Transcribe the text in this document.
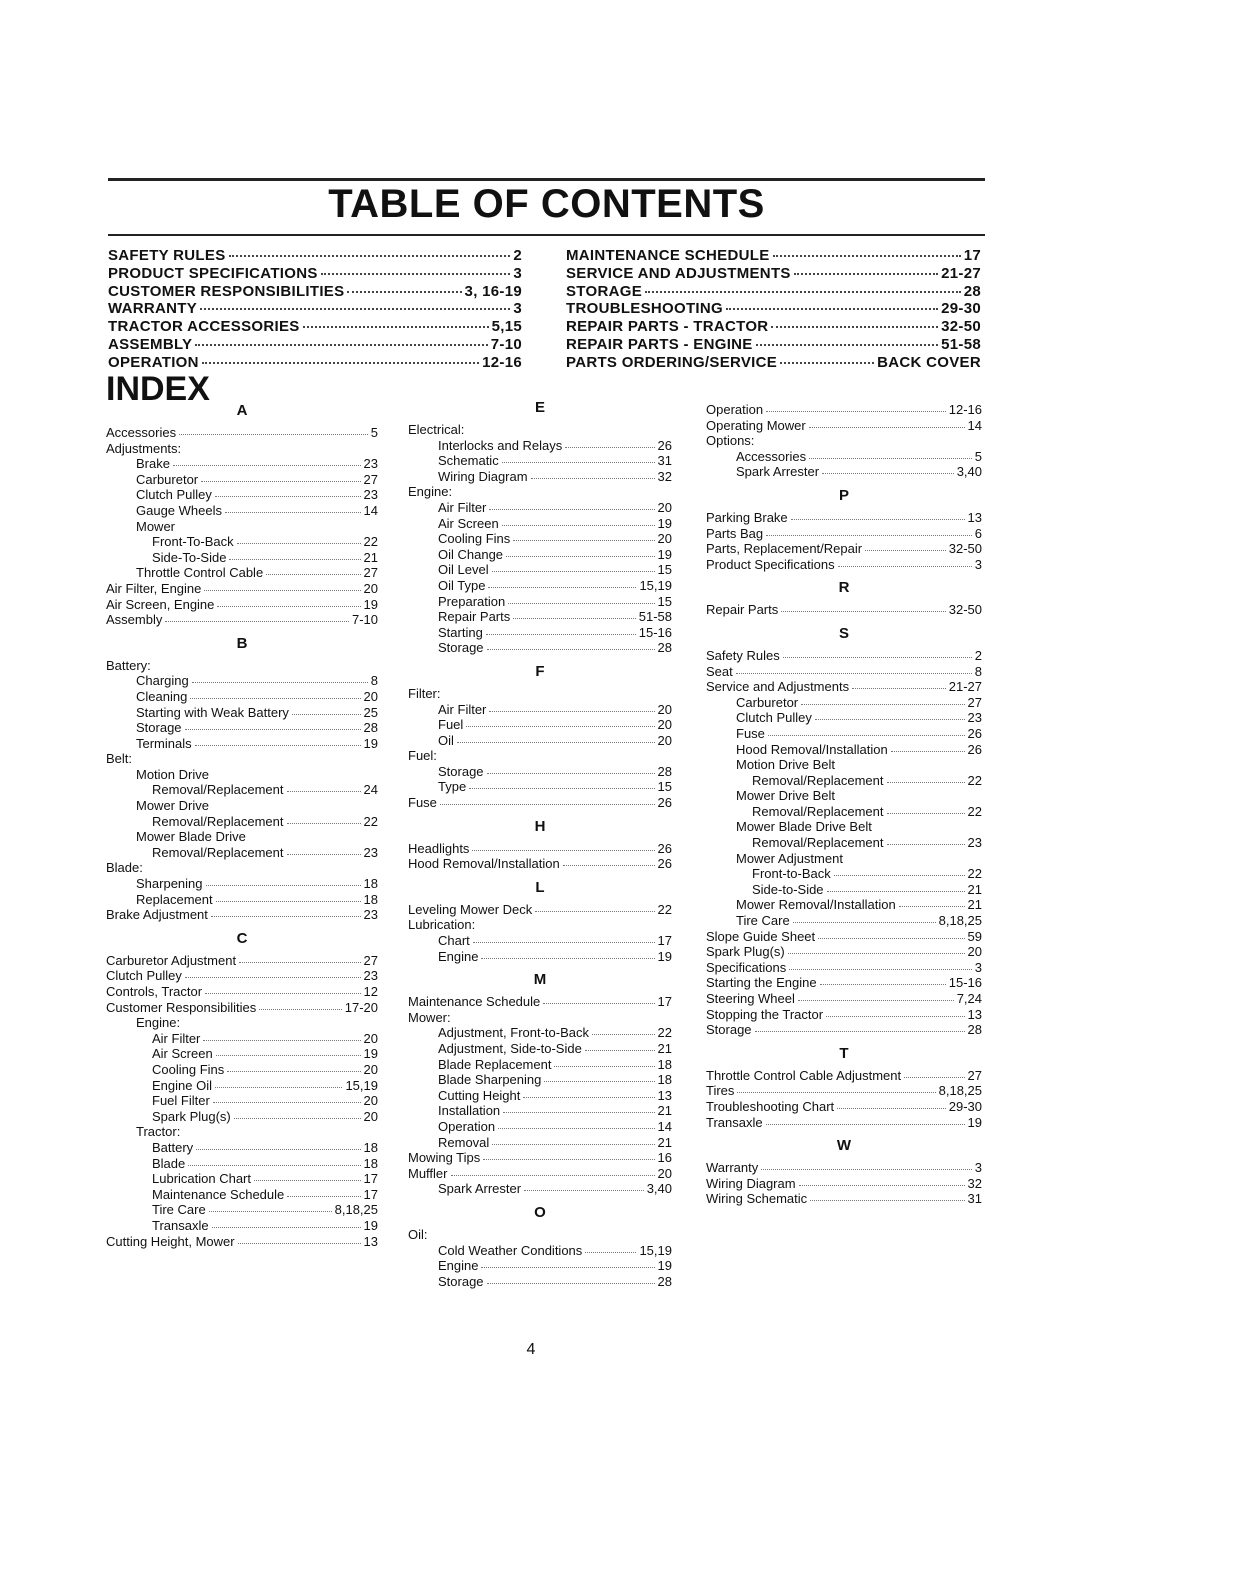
TABLE OF CONTENTS
SAFETY RULES	2
PRODUCT SPECIFICATIONS	3
CUSTOMER RESPONSIBILITIES	3, 16-19
WARRANTY	3
TRACTOR ACCESSORIES	5,15
ASSEMBLY	7-10
OPERATION	12-16
MAINTENANCE SCHEDULE	17
SERVICE AND ADJUSTMENTS	21-27
STORAGE	28
TROUBLESHOOTING	29-30
REPAIR PARTS - TRACTOR	32-50
REPAIR PARTS - ENGINE	51-58
PARTS ORDERING/SERVICE	BACK COVER
INDEX
A
Accessories	5
Adjustments:
Brake	23
Carburetor	27
Clutch Pulley	23
Gauge Wheels	14
Mower
Front-To-Back	22
Side-To-Side	21
Throttle Control Cable	27
Air Filter, Engine	20
Air Screen, Engine	19
Assembly	7-10
B
Battery:
Charging	8
Cleaning	20
Starting with Weak Battery	25
Storage	28
Terminals	19
Belt:
Motion Drive
Removal/Replacement	24
Mower Drive
Removal/Replacement	22
Mower Blade Drive
Removal/Replacement	23
Blade:
Sharpening	18
Replacement	18
Brake Adjustment	23
C
Carburetor Adjustment	27
Clutch Pulley	23
Controls, Tractor	12
Customer Responsibilities	17-20
Engine:
Air Filter	20
Air Screen	19
Cooling Fins	20
Engine Oil	15,19
Fuel Filter	20
Spark Plug(s)	20
Tractor:
Battery	18
Blade	18
Lubrication Chart	17
Maintenance Schedule	17
Tire Care	8,18,25
Transaxle	19
Cutting Height, Mower	13
E
Electrical:
Interlocks and Relays	26
Schematic	31
Wiring Diagram	32
Engine:
Air Filter	20
Air Screen	19
Cooling Fins	20
Oil Change	19
Oil Level	15
Oil Type	15,19
Preparation	15
Repair Parts	51-58
Starting	15-16
Storage	28
F
Filter:
Air Filter	20
Fuel	20
Oil	20
Fuel:
Storage	28
Type	15
Fuse	26
H
Headlights	26
Hood Removal/Installation	26
L
Leveling Mower Deck	22
Lubrication:
Chart	17
Engine	19
M
Maintenance Schedule	17
Mower:
Adjustment, Front-to-Back	22
Adjustment, Side-to-Side	21
Blade Replacement	18
Blade Sharpening	18
Cutting Height	13
Installation	21
Operation	14
Removal	21
Mowing Tips	16
Muffler	20
Spark Arrester	3,40
O
Oil:
Cold Weather Conditions	15,19
Engine	19
Storage	28
Operation	12-16
Operating Mower	14
Options:
Accessories	5
Spark Arrester	3,40
P
Parking Brake	13
Parts Bag	6
Parts, Replacement/Repair	32-50
Product Specifications	3
R
Repair Parts	32-50
S
Safety Rules	2
Seat	8
Service and Adjustments	21-27
Carburetor	27
Clutch Pulley	23
Fuse	26
Hood Removal/Installation	26
Motion Drive Belt
Removal/Replacement	22
Mower Drive Belt
Removal/Replacement	22
Mower Blade Drive Belt
Removal/Replacement	23
Mower Adjustment
Front-to-Back	22
Side-to-Side	21
Mower Removal/Installation	21
Tire Care	8,18,25
Slope Guide Sheet	59
Spark Plug(s)	20
Specifications	3
Starting the Engine	15-16
Steering Wheel	7,24
Stopping the Tractor	13
Storage	28
T
Throttle Control Cable Adjustment	27
Tires	8,18,25
Troubleshooting Chart	29-30
Transaxle	19
W
Warranty	3
Wiring Diagram	32
Wiring Schematic	31
4
